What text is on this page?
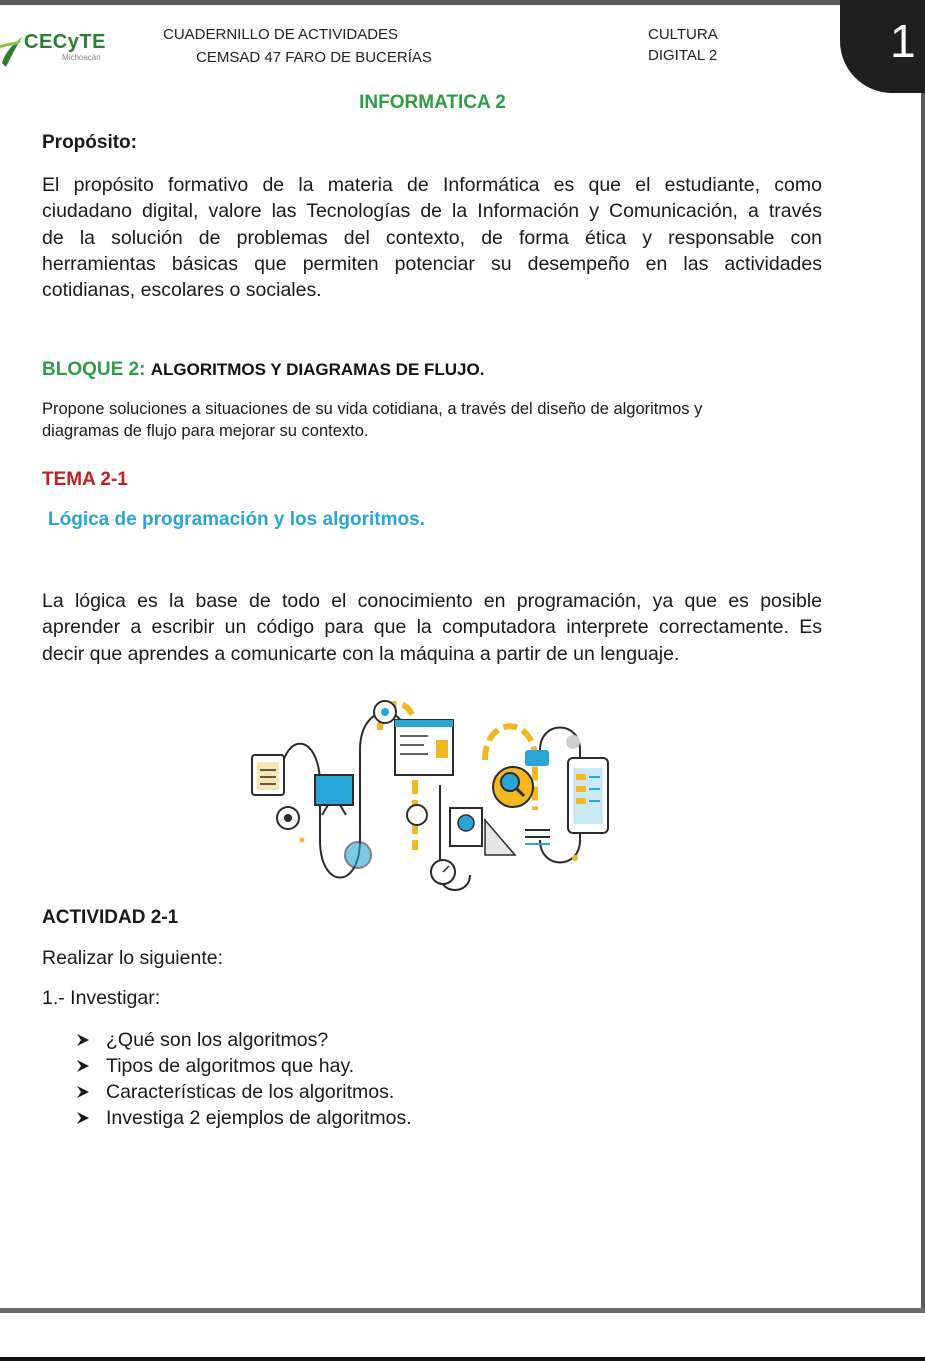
1
CECyTE
Michoacán
CUADERNILLO DE ACTIVIDADES
CEMSAD 47 FARO DE BUCERÍAS
CULTURA
DIGITAL 2
INFORMATICA 2
Propósito:
El propósito formativo de la materia de Informática es que el estudiante, como
ciudadano digital, valore las Tecnologías de la Información y Comunicación, a través
de la solución de problemas del contexto, de forma ética y responsable con
herramientas básicas que permiten potenciar su desempeño en las actividades
cotidianas, escolares o sociales.
BLOQUE 2: ALGORITMOS Y DIAGRAMAS DE FLUJO.
Propone soluciones a situaciones de su vida cotidiana, a través del diseño de algoritmos y
diagramas de flujo para mejorar su contexto.
TEMA 2-1
Lógica de programación y los algoritmos.
La lógica es la base de todo el conocimiento en programación, ya que es posible
aprender a escribir un código para que la computadora interprete correctamente. Es
decir que aprendes a comunicarte con la máquina a partir de un lenguaje.
ACTIVIDAD 2-1
Realizar lo siguiente:
1.- Investigar:
¿Qué son los algoritmos?
Tipos de algoritmos que hay.
Características de los algoritmos.
Investiga 2 ejemplos de algoritmos.
